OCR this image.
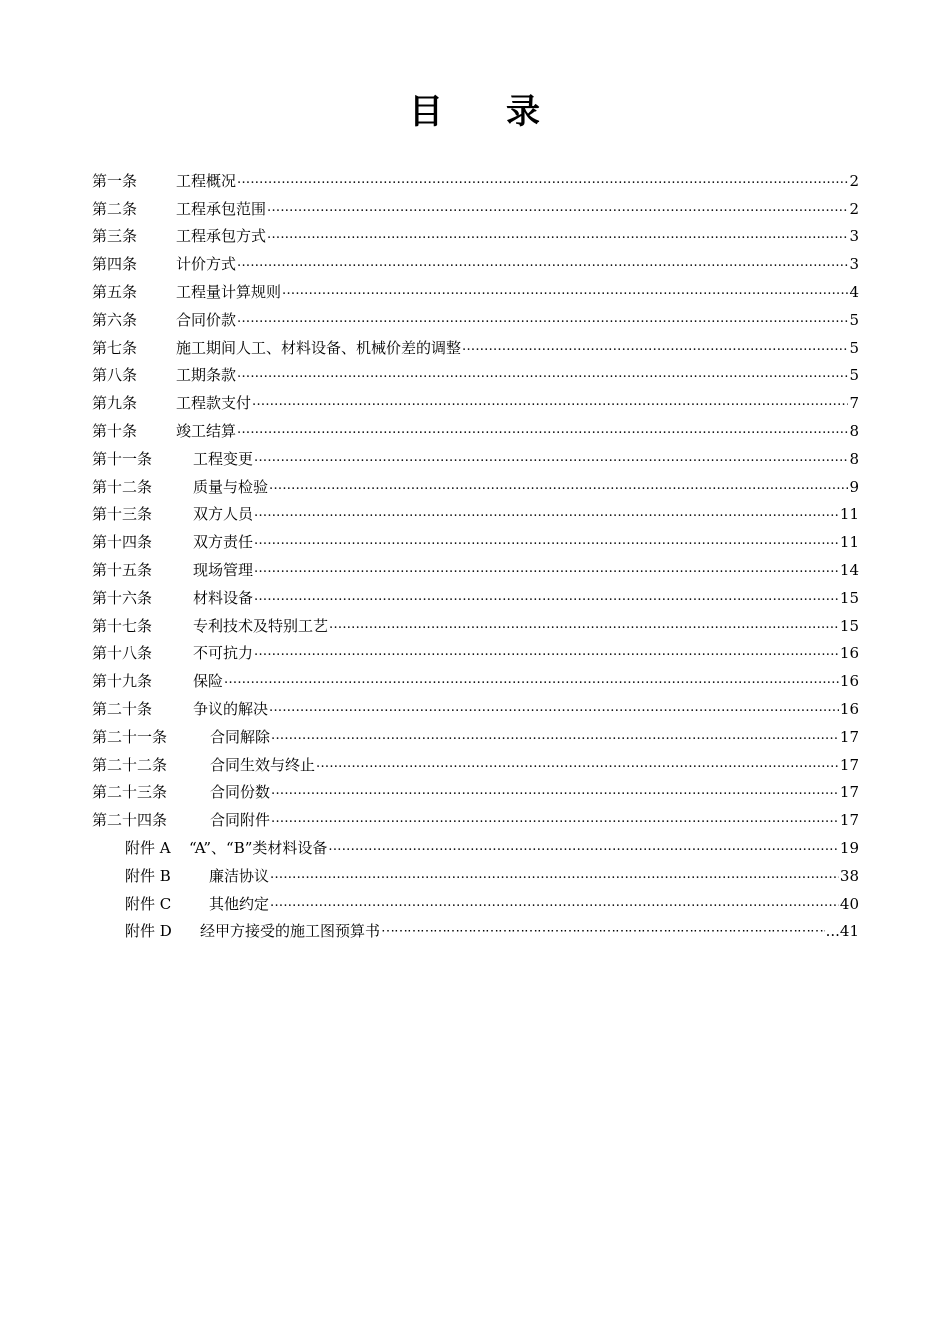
目 录
第一条	工程概况 .....	2
第二条	工程承包范围 .....	2
第三条	工程承包方式 .....	3
第四条	计价方式 .....	3
第五条	工程量计算规则 .....	4
第六条	合同价款 .....	5
第七条	施工期间人工、材料设备、机械价差的调整 .....	5
第八条	工期条款 .....	5
第九条	工程款支付 .....	7
第十条	竣工结算 .....	8
第十一条	工程变更 .....	8
第十二条	质量与检验 .....	9
第十三条	双方人员 .....	11
第十四条	双方责任 .....	11
第十五条	现场管理 .....	14
第十六条	材料设备 .....	15
第十七条	专利技术及特别工艺 .....	15
第十八条	不可抗力 .....	16
第十九条	保险 .....	16
第二十条	争议的解决 .....	16
第二十一条	合同解除 .....	17
第二十二条	合同生效与终止 .....	17
第二十三条	合同份数 .....	17
第二十四条	合同附件 .....	17
附件 A	“A”、“B”类材料设备 .....	19
附件 B	廉洁协议 .....	38
附件 C	其他约定 .....	40
附件 D	经甲方接受的施工图预算书 ⋯⋯⋯⋯⋯⋯⋯⋯⋯⋯⋯⋯⋯⋯⋯⋯⋯⋯⋯⋯⋯⋯⋯⋯⋯⋯⋯⋯⋯⋯⋯⋯⋯⋯⋯⋯⋯⋯⋯⋯⋯⋯⋯⋯⋯⋯⋯⋯⋯⋯⋯⋯⋯⋯	...41
